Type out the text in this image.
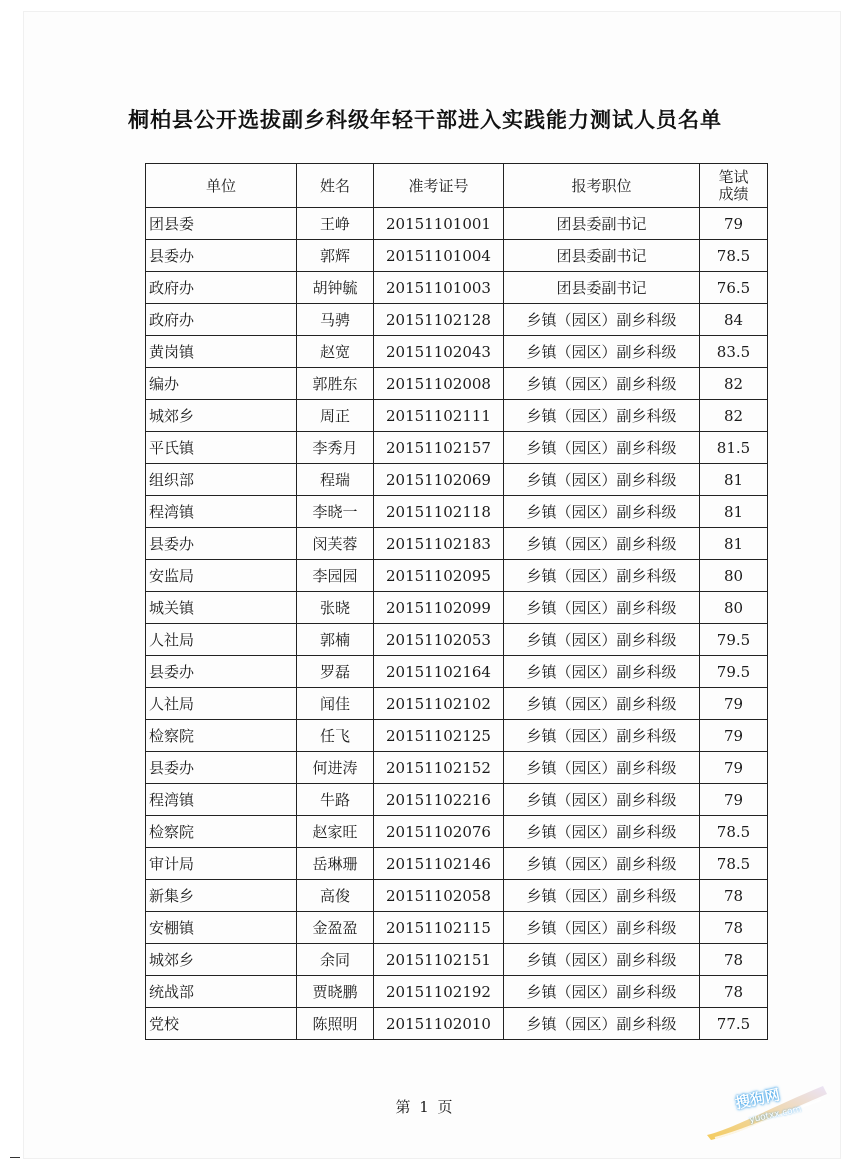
桐柏县公开选拔副乡科级年轻干部进入实践能力测试人员名单
单位	姓名	准考证号	报考职位	笔试
成绩
团县委	王峥	20151101001	团县委副书记	79
县委办	郭辉	20151101004	团县委副书记	78.5
政府办	胡钟毓	20151101003	团县委副书记	76.5
政府办	马骋	20151102128	乡镇（园区）副乡科级	84
黄岗镇	赵宽	20151102043	乡镇（园区）副乡科级	83.5
编办	郭胜东	20151102008	乡镇（园区）副乡科级	82
城郊乡	周正	20151102111	乡镇（园区）副乡科级	82
平氏镇	李秀月	20151102157	乡镇（园区）副乡科级	81.5
组织部	程瑞	20151102069	乡镇（园区）副乡科级	81
程湾镇	李晓一	20151102118	乡镇（园区）副乡科级	81
县委办	闵芙蓉	20151102183	乡镇（园区）副乡科级	81
安监局	李园园	20151102095	乡镇（园区）副乡科级	80
城关镇	张晓	20151102099	乡镇（园区）副乡科级	80
人社局	郭楠	20151102053	乡镇（园区）副乡科级	79.5
县委办	罗磊	20151102164	乡镇（园区）副乡科级	79.5
人社局	闻佳	20151102102	乡镇（园区）副乡科级	79
检察院	任飞	20151102125	乡镇（园区）副乡科级	79
县委办	何进涛	20151102152	乡镇（园区）副乡科级	79
程湾镇	牛路	20151102216	乡镇（园区）副乡科级	79
检察院	赵家旺	20151102076	乡镇（园区）副乡科级	78.5
审计局	岳琳珊	20151102146	乡镇（园区）副乡科级	78.5
新集乡	高俊	20151102058	乡镇（园区）副乡科级	78
安棚镇	金盈盈	20151102115	乡镇（园区）副乡科级	78
城郊乡	余同	20151102151	乡镇（园区）副乡科级	78
统战部	贾晓鹏	20151102192	乡镇（园区）副乡科级	78
党校	陈照明	20151102010	乡镇（园区）副乡科级	77.5
第 1 页	搜狗网
yuotxx.com
